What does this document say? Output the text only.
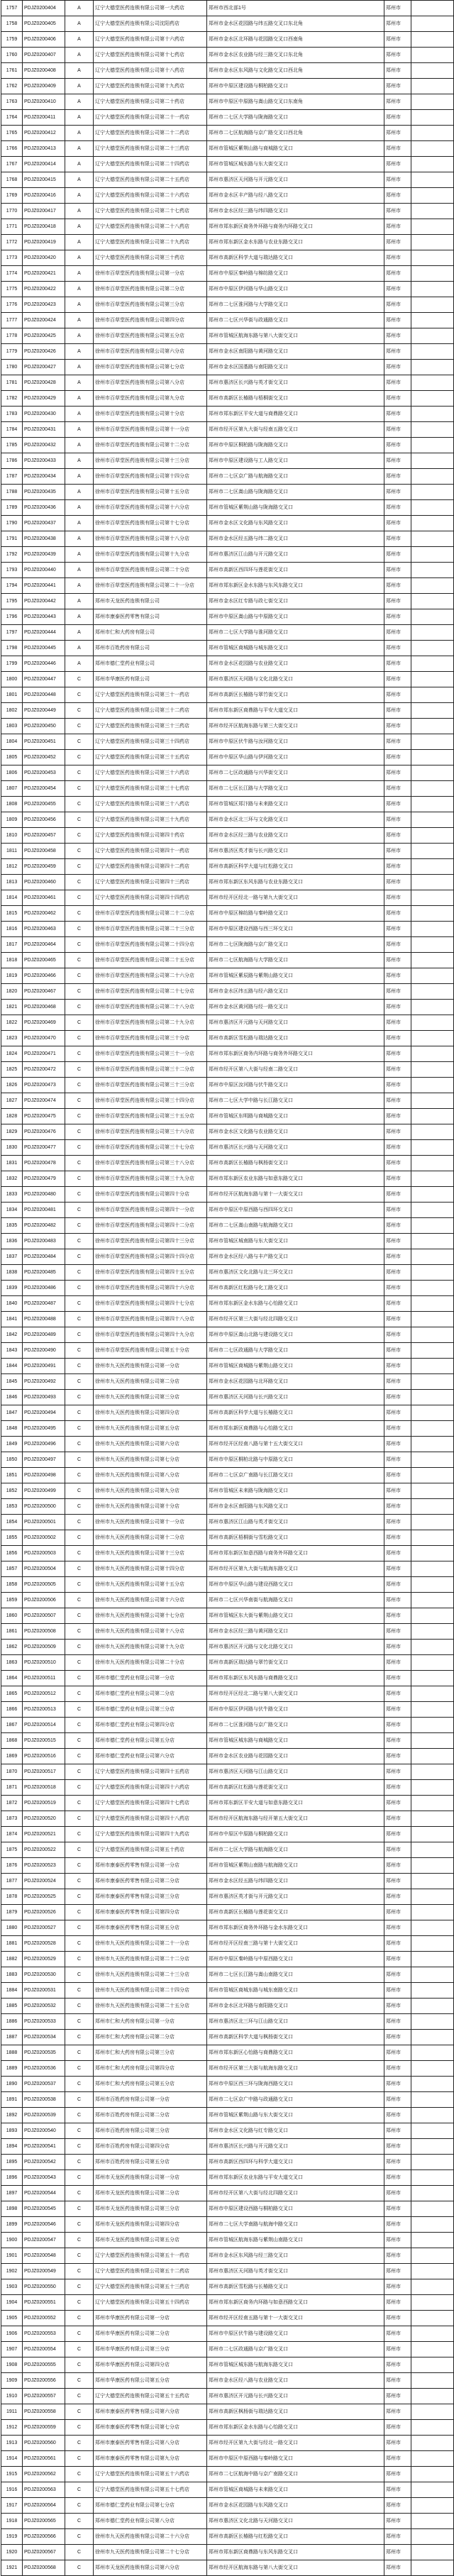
1757	PDJZ0200404	A	辽宁大德堂医药连锁有限公司第一大药店	郑州市西北部1号	郑州市	
1758	PDJZ0200405	A	辽宁大德堂医药连锁有限公司沈阳药店	郑州市金水区花园路与纬五路交叉口东北角	郑州市	
1759	PDJZ0200406	A	辽宁大德堂医药连锁有限公司第十六药店	郑州市金水区北环路与花园路交叉口西南角	郑州市	
1760	PDJZ0200407	A	辽宁大德堂医药连锁有限公司第十七药店	郑州市金水区农业路与经三路交叉口东北角	郑州市	
1761	PDJZ0200408	A	辽宁大德堂医药连锁有限公司第十八药店	郑州市金水区东风路与文化路交叉口西北角	郑州市	
1762	PDJZ0200409	A	辽宁大德堂医药连锁有限公司第十九药店	郑州市中原区建设路与桐柏路交叉口	郑州市	
1763	PDJZ0200410	A	辽宁大德堂医药连锁有限公司第二十药店	郑州市中原区中原路与嵩山路交叉口东南角	郑州市	
1764	PDJZ0200411	A	辽宁大德堂医药连锁有限公司第二十一药店	郑州市二七区大学路与陇海路交叉口	郑州市	
1765	PDJZ0200412	A	辽宁大德堂医药连锁有限公司第二十二药店	郑州市二七区航海路与京广路交叉口西北角	郑州市	
1766	PDJZ0200413	A	辽宁大德堂医药连锁有限公司第二十三药店	郑州市管城区紫荆山路与商城路交叉口	郑州市	
1767	PDJZ0200414	A	辽宁大德堂医药连锁有限公司第二十四药店	郑州市管城区城东路与东大街交叉口	郑州市	
1768	PDJZ0200415	A	辽宁大德堂医药连锁有限公司第二十五药店	郑州市惠济区天河路与开元路交叉口	郑州市	
1769	PDJZ0200416	A	辽宁大德堂医药连锁有限公司第二十六药店	郑州市金水区丰产路与经八路交叉口	郑州市	
1770	PDJZ0200417	A	辽宁大德堂医药连锁有限公司第二十七药店	郑州市金水区经三路与纬四路交叉口	郑州市	
1771	PDJZ0200418	A	辽宁大德堂医药连锁有限公司第二十八药店	郑州市郑东新区商务外环路与商务内环路交叉口	郑州市	
1772	PDJZ0200419	A	辽宁大德堂医药连锁有限公司第二十九药店	郑州市郑东新区金水东路与农业东路交叉口	郑州市	
1773	PDJZ0200420	A	辽宁大德堂医药连锁有限公司第三十药店	郑州市高新区科学大道与瑞达路交叉口	郑州市	
1774	PDJZ0200421	A	徐州市百草堂医药连锁有限公司第一分店	郑州市中原区秦岭路与棉纺路交叉口	郑州市	
1775	PDJZ0200422	A	徐州市百草堂医药连锁有限公司第二分店	郑州市中原区伊河路与华山路交叉口	郑州市	
1776	PDJZ0200423	A	徐州市百草堂医药连锁有限公司第三分店	郑州市二七区淮河路与大学路交叉口	郑州市	
1777	PDJZ0200424	A	徐州市百草堂医药连锁有限公司第四分店	郑州市二七区兴华街与政通路交叉口	郑州市	
1778	PDJZ0200425	A	徐州市百草堂医药连锁有限公司第五分店	郑州市管城区航海东路与第八大街交叉口	郑州市	
1779	PDJZ0200426	A	徐州市百草堂医药连锁有限公司第六分店	郑州市金水区南阳路与黄河路交叉口	郑州市	
1780	PDJZ0200427	A	徐州市百草堂医药连锁有限公司第七分店	郑州市金水区国基路与南阳路交叉口	郑州市	
1781	PDJZ0200428	A	徐州市百草堂医药连锁有限公司第八分店	郑州市惠济区长兴路与英才街交叉口	郑州市	
1782	PDJZ0200429	A	徐州市百草堂医药连锁有限公司第九分店	郑州市高新区长椿路与梧桐街交叉口	郑州市	
1783	PDJZ0200430	A	徐州市百草堂医药连锁有限公司第十分店	郑州市郑东新区平安大道与商鼎路交叉口	郑州市	
1784	PDJZ0200431	A	徐州市百草堂医药连锁有限公司第十一分店	郑州市经开区第九大街与经南五路交叉口	郑州市	
1785	PDJZ0200432	A	徐州市百草堂医药连锁有限公司第十二分店	郑州市中原区桐柏路与陇海路交叉口	郑州市	
1786	PDJZ0200433	A	徐州市百草堂医药连锁有限公司第十三分店	郑州市中原区建设路与工人路交叉口	郑州市	
1787	PDJZ0200434	A	徐州市百草堂医药连锁有限公司第十四分店	郑州市二七区京广路与航海路交叉口	郑州市	
1788	PDJZ0200435	A	徐州市百草堂医药连锁有限公司第十五分店	郑州市二七区嵩山路与陇海路交叉口	郑州市	
1789	PDJZ0200436	A	徐州市百草堂医药连锁有限公司第十六分店	郑州市管城区紫荆山路与陇海路交叉口	郑州市	
1790	PDJZ0200437	A	徐州市百草堂医药连锁有限公司第十七分店	郑州市金水区文化路与东风路交叉口	郑州市	
1791	PDJZ0200438	A	徐州市百草堂医药连锁有限公司第十八分店	郑州市金水区经五路与纬二路交叉口	郑州市	
1792	PDJZ0200439	A	徐州市百草堂医药连锁有限公司第十九分店	郑州市惠济区江山路与开元路交叉口	郑州市	
1793	PDJZ0200440	A	徐州市百草堂医药连锁有限公司第二十分店	郑州市高新区西四环与莲花街交叉口	郑州市	
1794	PDJZ0200441	A	徐州市百草堂医药连锁有限公司第二十一分店	郑州市郑东新区金水东路与东风东路交叉口	郑州市	
1795	PDJZ0200442	A	郑州市天龙医药连锁有限公司	郑州市金水区红专路与政七街交叉口	郑州市	
1796	PDJZ0200443	A	郑州市康泰医药零售有限公司	郑州市中原区嵩山路与中原路交叉口	郑州市	
1797	PDJZ0200444	A	郑州市仁和大药房有限公司	郑州市二七区大学路与淮河路交叉口	郑州市	
1798	PDJZ0200445	A	郑州市百姓药房有限公司	郑州市管城区商城路与城东路交叉口	郑州市	
1799	PDJZ0200446	A	郑州市德仁堂药业有限公司	郑州市金水区花园路与农业路交叉口	郑州市	
1800	PDJZ0200447	C	郑州市华康医药有限公司	郑州市惠济区天河路与文化北路交叉口	郑州市	
1801	PDJZ0200448	C	辽宁大德堂医药连锁有限公司第三十一药店	郑州市高新区长椿路与翠竹街交叉口	郑州市	
1802	PDJZ0200449	C	辽宁大德堂医药连锁有限公司第三十二药店	郑州市郑东新区商鼎路与平安大道交叉口	郑州市	
1803	PDJZ0200450	C	辽宁大德堂医药连锁有限公司第三十三药店	郑州市经开区航海东路与第三大街交叉口	郑州市	
1804	PDJZ0200451	C	辽宁大德堂医药连锁有限公司第三十四药店	郑州市中原区伏牛路与汝河路交叉口	郑州市	
1805	PDJZ0200452	C	辽宁大德堂医药连锁有限公司第三十五药店	郑州市中原区华山路与伊河路交叉口	郑州市	
1806	PDJZ0200453	C	辽宁大德堂医药连锁有限公司第三十六药店	郑州市二七区政通路与兴华街交叉口	郑州市	
1807	PDJZ0200454	C	辽宁大德堂医药连锁有限公司第三十七药店	郑州市二七区长江路与大学路交叉口	郑州市	
1808	PDJZ0200455	C	辽宁大德堂医药连锁有限公司第三十八药店	郑州市管城区郑汴路与未来路交叉口	郑州市	
1809	PDJZ0200456	C	辽宁大德堂医药连锁有限公司第三十九药店	郑州市金水区北三环与文化路交叉口	郑州市	
1810	PDJZ0200457	C	辽宁大德堂医药连锁有限公司第四十药店	郑州市金水区经三路与农业路交叉口	郑州市	
1811	PDJZ0200458	C	辽宁大德堂医药连锁有限公司第四十一药店	郑州市惠济区英才街与长兴路交叉口	郑州市	
1812	PDJZ0200459	C	辽宁大德堂医药连锁有限公司第四十二药店	郑州市高新区科学大道与红松路交叉口	郑州市	
1813	PDJZ0200460	C	辽宁大德堂医药连锁有限公司第四十三药店	郑州市郑东新区东风东路与农业东路交叉口	郑州市	
1814	PDJZ0200461	C	辽宁大德堂医药连锁有限公司第四十四药店	郑州市经开区经北一路与第九大街交叉口	郑州市	
1815	PDJZ0200462	C	徐州市百草堂医药连锁有限公司第二十二分店	郑州市中原区棉纺路与秦岭路交叉口	郑州市	
1816	PDJZ0200463	C	徐州市百草堂医药连锁有限公司第二十三分店	郑州市中原区建设西路与西三环交叉口	郑州市	
1817	PDJZ0200464	C	徐州市百草堂医药连锁有限公司第二十四分店	郑州市二七区陇海路与京广路交叉口	郑州市	
1818	PDJZ0200465	C	徐州市百草堂医药连锁有限公司第二十五分店	郑州市二七区航海路与大学路交叉口	郑州市	
1819	PDJZ0200466	C	徐州市百草堂医药连锁有限公司第二十六分店	郑州市管城区紫辰路与紫荆山路交叉口	郑州市	
1820	PDJZ0200467	C	徐州市百草堂医药连锁有限公司第二十七分店	郑州市金水区纬五路与经六路交叉口	郑州市	
1821	PDJZ0200468	C	徐州市百草堂医药连锁有限公司第二十八分店	郑州市金水区黄河路与经一路交叉口	郑州市	
1822	PDJZ0200469	C	徐州市百草堂医药连锁有限公司第二十九分店	郑州市惠济区开元路与天河路交叉口	郑州市	
1823	PDJZ0200470	C	徐州市百草堂医药连锁有限公司第三十分店	郑州市高新区雪松路与瑞达路交叉口	郑州市	
1824	PDJZ0200471	C	徐州市百草堂医药连锁有限公司第三十一分店	郑州市郑东新区商务内环路与商务外环路交叉口	郑州市	
1825	PDJZ0200472	C	徐州市百草堂医药连锁有限公司第三十二分店	郑州市经开区第八大街与经南二路交叉口	郑州市	
1826	PDJZ0200473	C	徐州市百草堂医药连锁有限公司第三十三分店	郑州市中原区汝河路与伏牛路交叉口	郑州市	
1827	PDJZ0200474	C	徐州市百草堂医药连锁有限公司第三十四分店	郑州市二七区大学中路与长江路交叉口	郑州市	
1828	PDJZ0200475	C	徐州市百草堂医药连锁有限公司第三十五分店	郑州市管城区东明路与商城路交叉口	郑州市	
1829	PDJZ0200476	C	徐州市百草堂医药连锁有限公司第三十六分店	郑州市金水区文化路与农业路交叉口	郑州市	
1830	PDJZ0200477	C	徐州市百草堂医药连锁有限公司第三十七分店	郑州市惠济区长兴路与天河路交叉口	郑州市	
1831	PDJZ0200478	C	徐州市百草堂医药连锁有限公司第三十八分店	郑州市高新区长椿路与枫杨街交叉口	郑州市	
1832	PDJZ0200479	C	徐州市百草堂医药连锁有限公司第三十九分店	郑州市郑东新区农业东路与如意东路交叉口	郑州市	
1833	PDJZ0200480	C	徐州市百草堂医药连锁有限公司第四十分店	郑州市经开区航海东路与第十一大街交叉口	郑州市	
1834	PDJZ0200481	C	徐州市百草堂医药连锁有限公司第四十一分店	郑州市中原区中原西路与西四环交叉口	郑州市	
1835	PDJZ0200482	C	徐州市百草堂医药连锁有限公司第四十二分店	郑州市二七区嵩山南路与航海路交叉口	郑州市	
1836	PDJZ0200483	C	徐州市百草堂医药连锁有限公司第四十三分店	郑州市管城区城南路与东大街交叉口	郑州市	
1837	PDJZ0200484	C	徐州市百草堂医药连锁有限公司第四十四分店	郑州市金水区经八路与丰产路交叉口	郑州市	
1838	PDJZ0200485	C	徐州市百草堂医药连锁有限公司第四十五分店	郑州市惠济区文化北路与北三环交叉口	郑州市	
1839	PDJZ0200486	C	徐州市百草堂医药连锁有限公司第四十六分店	郑州市高新区红松路与化工路交叉口	郑州市	
1840	PDJZ0200487	C	徐州市百草堂医药连锁有限公司第四十七分店	郑州市郑东新区金水东路与心怡路交叉口	郑州市	
1841	PDJZ0200488	C	徐州市百草堂医药连锁有限公司第四十八分店	郑州市经开区第三大街与经北四路交叉口	郑州市	
1842	PDJZ0200489	C	徐州市百草堂医药连锁有限公司第四十九分店	郑州市中原区嵩山北路与建设路交叉口	郑州市	
1843	PDJZ0200490	C	徐州市百草堂医药连锁有限公司第五十分店	郑州市二七区政通路与大学路交叉口	郑州市	
1844	PDJZ0200491	C	徐州市九天医药连锁有限公司第一分店	郑州市管城区商城路与紫荆山路交叉口	郑州市	
1845	PDJZ0200492	C	徐州市九天医药连锁有限公司第二分店	郑州市金水区花园路与北环路交叉口	郑州市	
1846	PDJZ0200493	C	徐州市九天医药连锁有限公司第三分店	郑州市惠济区天河路与长兴路交叉口	郑州市	
1847	PDJZ0200494	C	徐州市九天医药连锁有限公司第四分店	郑州市高新区科学大道与长椿路交叉口	郑州市	
1848	PDJZ0200495	C	徐州市九天医药连锁有限公司第五分店	郑州市郑东新区商鼎路与心怡路交叉口	郑州市	
1849	PDJZ0200496	C	徐州市九天医药连锁有限公司第六分店	郑州市经开区经南八路与第十五大街交叉口	郑州市	
1850	PDJZ0200497	C	徐州市九天医药连锁有限公司第七分店	郑州市中原区桐柏北路与中原路交叉口	郑州市	
1851	PDJZ0200498	C	徐州市九天医药连锁有限公司第八分店	郑州市二七区京广南路与长江路交叉口	郑州市	
1852	PDJZ0200499	C	徐州市九天医药连锁有限公司第九分店	郑州市管城区未来路与陇海路交叉口	郑州市	
1853	PDJZ0200500	C	徐州市九天医药连锁有限公司第十分店	郑州市金水区南阳路与东风路交叉口	郑州市	
1854	PDJZ0200501	C	徐州市九天医药连锁有限公司第十一分店	郑州市惠济区江山路与英才街交叉口	郑州市	
1855	PDJZ0200502	C	徐州市九天医药连锁有限公司第十二分店	郑州市高新区梧桐街与雪松路交叉口	郑州市	
1856	PDJZ0200503	C	徐州市九天医药连锁有限公司第十三分店	郑州市郑东新区如意西路与商务外环路交叉口	郑州市	
1857	PDJZ0200504	C	徐州市九天医药连锁有限公司第十四分店	郑州市经开区第九大街与航海东路交叉口	郑州市	
1858	PDJZ0200505	C	徐州市九天医药连锁有限公司第十五分店	郑州市中原区华山路与建设西路交叉口	郑州市	
1859	PDJZ0200506	C	徐州市九天医药连锁有限公司第十六分店	郑州市二七区兴华南街与航海路交叉口	郑州市	
1860	PDJZ0200507	C	徐州市九天医药连锁有限公司第十七分店	郑州市管城区东大街与紫荆山路交叉口	郑州市	
1861	PDJZ0200508	C	徐州市九天医药连锁有限公司第十八分店	郑州市金水区经三路与黄河路交叉口	郑州市	
1862	PDJZ0200509	C	徐州市九天医药连锁有限公司第十九分店	郑州市惠济区开元路与文化北路交叉口	郑州市	
1863	PDJZ0200510	C	徐州市九天医药连锁有限公司第二十分店	郑州市高新区瑞达路与翠竹街交叉口	郑州市	
1864	PDJZ0200511	C	郑州市德仁堂药业有限公司第一分店	郑州市郑东新区东风东路与商鼎路交叉口	郑州市	
1865	PDJZ0200512	C	郑州市德仁堂药业有限公司第二分店	郑州市经开区经北二路与第八大街交叉口	郑州市	
1866	PDJZ0200513	C	郑州市德仁堂药业有限公司第三分店	郑州市中原区伊河路与伏牛路交叉口	郑州市	
1867	PDJZ0200514	C	郑州市德仁堂药业有限公司第四分店	郑州市二七区淮河路与京广路交叉口	郑州市	
1868	PDJZ0200515	C	郑州市德仁堂药业有限公司第五分店	郑州市管城区城东路与商城路交叉口	郑州市	
1869	PDJZ0200516	C	郑州市德仁堂药业有限公司第六分店	郑州市金水区农业路与花园路交叉口	郑州市	
1870	PDJZ0200517	C	辽宁大德堂医药连锁有限公司第四十五药店	郑州市惠济区天河路与江山路交叉口	郑州市	
1871	PDJZ0200518	C	辽宁大德堂医药连锁有限公司第四十六药店	郑州市高新区红松路与莲花街交叉口	郑州市	
1872	PDJZ0200519	C	辽宁大德堂医药连锁有限公司第四十七药店	郑州市郑东新区平安大道与如意东路交叉口	郑州市	
1873	PDJZ0200520	C	辽宁大德堂医药连锁有限公司第四十八药店	郑州市经开区航海东路与经开第五大街交叉口	郑州市	
1874	PDJZ0200521	C	辽宁大德堂医药连锁有限公司第四十九药店	郑州市中原区中原路与桐柏路交叉口	郑州市	
1875	PDJZ0200522	C	辽宁大德堂医药连锁有限公司第五十药店	郑州市二七区大学路与航海路交叉口	郑州市	
1876	PDJZ0200523	C	郑州市康泰医药零售有限公司第一分店	郑州市管城区紫荆山南路与航海路交叉口	郑州市	
1877	PDJZ0200524	C	郑州市康泰医药零售有限公司第二分店	郑州市金水区经五路与纬四路交叉口	郑州市	
1878	PDJZ0200525	C	郑州市康泰医药零售有限公司第三分店	郑州市惠济区英才街与开元路交叉口	郑州市	
1879	PDJZ0200526	C	郑州市康泰医药零售有限公司第四分店	郑州市高新区长椿路与莲花街交叉口	郑州市	
1880	PDJZ0200527	C	郑州市康泰医药零售有限公司第五分店	郑州市郑东新区商务外环路与金水东路交叉口	郑州市	
1881	PDJZ0200528	C	徐州市九天医药连锁有限公司第二十一分店	郑州市经开区经南三路与第十大街交叉口	郑州市	
1882	PDJZ0200529	C	徐州市九天医药连锁有限公司第二十二分店	郑州市中原区秦岭路与中原西路交叉口	郑州市	
1883	PDJZ0200530	C	徐州市九天医药连锁有限公司第二十三分店	郑州市二七区长江路与嵩山南路交叉口	郑州市	
1884	PDJZ0200531	C	徐州市九天医药连锁有限公司第二十四分店	郑州市管城区商城东路与城东南路交叉口	郑州市	
1885	PDJZ0200532	C	徐州市九天医药连锁有限公司第二十五分店	郑州市金水区北环路与南阳路交叉口	郑州市	
1886	PDJZ0200533	C	郑州市仁和大药房有限公司第一分店	郑州市惠济区北三环与江山路交叉口	郑州市	
1887	PDJZ0200534	C	郑州市仁和大药房有限公司第二分店	郑州市高新区科学大道与枫杨街交叉口	郑州市	
1888	PDJZ0200535	C	郑州市仁和大药房有限公司第三分店	郑州市郑东新区心怡路与商鼎路交叉口	郑州市	
1889	PDJZ0200536	C	郑州市仁和大药房有限公司第四分店	郑州市经开区第三大街与航海东路交叉口	郑州市	
1890	PDJZ0200537	C	郑州市仁和大药房有限公司第五分店	郑州市中原区西三环与陇海西路交叉口	郑州市	
1891	PDJZ0200538	C	郑州市百姓药房有限公司第一分店	郑州市二七区京广中路与政通路交叉口	郑州市	
1892	PDJZ0200539	C	郑州市百姓药房有限公司第二分店	郑州市管城区紫荆山路与东大街交叉口	郑州市	
1893	PDJZ0200540	C	郑州市百姓药房有限公司第三分店	郑州市金水区文化路与红专路交叉口	郑州市	
1894	PDJZ0200541	C	郑州市百姓药房有限公司第四分店	郑州市惠济区长兴路与开元路交叉口	郑州市	
1895	PDJZ0200542	C	郑州市百姓药房有限公司第五分店	郑州市高新区西四环与科学大道交叉口	郑州市	
1896	PDJZ0200543	C	郑州市天龙医药连锁有限公司第一分店	郑州市郑东新区农业东路与平安大道交叉口	郑州市	
1897	PDJZ0200544	C	郑州市天龙医药连锁有限公司第二分店	郑州市经开区第八大街与经北四路交叉口	郑州市	
1898	PDJZ0200545	C	郑州市天龙医药连锁有限公司第三分店	郑州市中原区建设西路与桐柏路交叉口	郑州市	
1899	PDJZ0200546	C	郑州市天龙医药连锁有限公司第四分店	郑州市二七区大学南路与航海中路交叉口	郑州市	
1900	PDJZ0200547	C	郑州市天龙医药连锁有限公司第五分店	郑州市管城区航海东路与紫荆山南路交叉口	郑州市	
1901	PDJZ0200548	C	辽宁大德堂医药连锁有限公司第五十一药店	郑州市金水区东风路与经三路交叉口	郑州市	
1902	PDJZ0200549	C	辽宁大德堂医药连锁有限公司第五十二药店	郑州市惠济区天河路与英才街交叉口	郑州市	
1903	PDJZ0200550	C	辽宁大德堂医药连锁有限公司第五十三药店	郑州市高新区雪松路与长椿路交叉口	郑州市	
1904	PDJZ0200551	C	辽宁大德堂医药连锁有限公司第五十四药店	郑州市郑东新区商务内环路与如意西路交叉口	郑州市	
1905	PDJZ0200552	C	郑州市华康医药有限公司第一分店	郑州市经开区经南五路与第十一大街交叉口	郑州市	
1906	PDJZ0200553	C	郑州市华康医药有限公司第二分店	郑州市中原区伏牛路与建设路交叉口	郑州市	
1907	PDJZ0200554	C	郑州市华康医药有限公司第三分店	郑州市二七区政通路与京广路交叉口	郑州市	
1908	PDJZ0200555	C	郑州市华康医药有限公司第四分店	郑州市管城区城东路与航海东路交叉口	郑州市	
1909	PDJZ0200556	C	郑州市华康医药有限公司第五分店	郑州市金水区经八路与农业路交叉口	郑州市	
1910	PDJZ0200557	C	辽宁大德堂医药连锁有限公司第五十五药店	郑州市惠济区开元路与长兴路交叉口	郑州市	
1911	PDJZ0200558	C	郑州市康泰医药零售有限公司第六分店	郑州市高新区枫杨街与瑞达路交叉口	郑州市	
1912	PDJZ0200559	C	郑州市康泰医药零售有限公司第七分店	郑州市郑东新区金水东路与心怡路交叉口	郑州市	
1913	PDJZ0200560	C	郑州市康泰医药零售有限公司第八分店	郑州市经开区第九大街与经北一路交叉口	郑州市	
1914	PDJZ0200561	C	郑州市康泰医药零售有限公司第九分店	郑州市中原区中原西路与秦岭路交叉口	郑州市	
1915	PDJZ0200562	C	辽宁大德堂医药连锁有限公司第五十六药店	郑州市二七区航海中路与京广南路交叉口	郑州市	
1916	PDJZ0200563	C	辽宁大德堂医药连锁有限公司第五十七药店	郑州市管城区商城路与未来路交叉口	郑州市	
1917	PDJZ0200564	C	郑州市德仁堂药业有限公司第七分店	郑州市金水区花园路与东风路交叉口	郑州市	
1918	PDJZ0200565	C	郑州市德仁堂药业有限公司第八分店	郑州市惠济区文化北路与天河路交叉口	郑州市	
1919	PDJZ0200566	C	徐州市九天医药连锁有限公司第二十六分店	郑州市高新区长椿路与红松路交叉口	郑州市	
1920	PDJZ0200567	C	徐州市九天医药连锁有限公司第二十七分店	郑州市郑东新区商鼎路与东风东路交叉口	郑州市	
1921	PDJZ0200568	C	郑州市天龙医药连锁有限公司第六分店	郑州市经开区航海东路与第八大街交叉口	郑州市	
